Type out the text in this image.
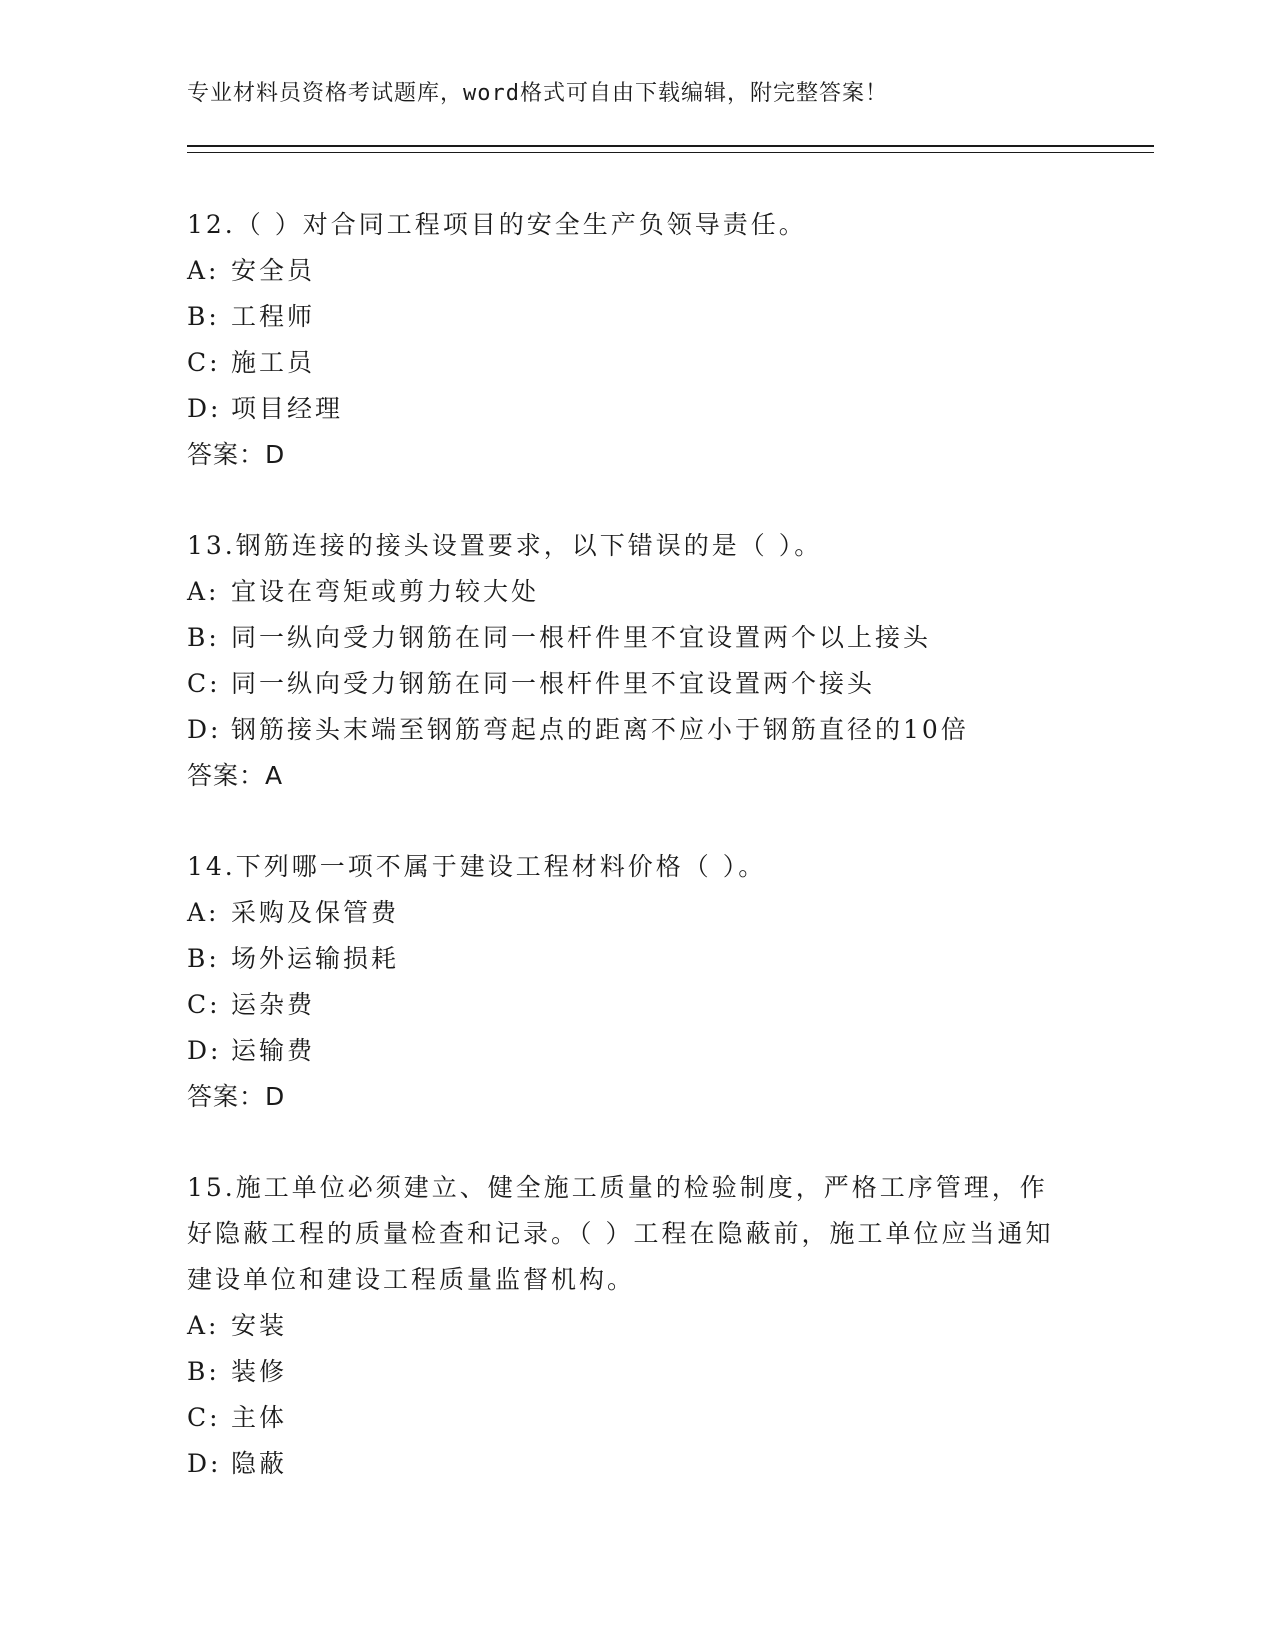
专业材料员资格考试题库，word格式可自由下载编辑，附完整答案！
12.（ ）对合同工程项目的安全生产负领导责任。
A: 安全员
B: 工程师
C: 施工员
D: 项目经理
答案：D
13.钢筋连接的接头设置要求，以下错误的是（ ）。
A: 宜设在弯矩或剪力较大处
B: 同一纵向受力钢筋在同一根杆件里不宜设置两个以上接头
C: 同一纵向受力钢筋在同一根杆件里不宜设置两个接头
D: 钢筋接头末端至钢筋弯起点的距离不应小于钢筋直径的10倍
答案：A
14.下列哪一项不属于建设工程材料价格（ ）。
A: 采购及保管费
B: 场外运输损耗
C: 运杂费
D: 运输费
答案：D
15.施工单位必须建立、健全施工质量的检验制度，严格工序管理，作好隐蔽工程的质量检查和记录。（ ）工程在隐蔽前，施工单位应当通知建设单位和建设工程质量监督机构。
A: 安装
B: 装修
C: 主体
D: 隐蔽
